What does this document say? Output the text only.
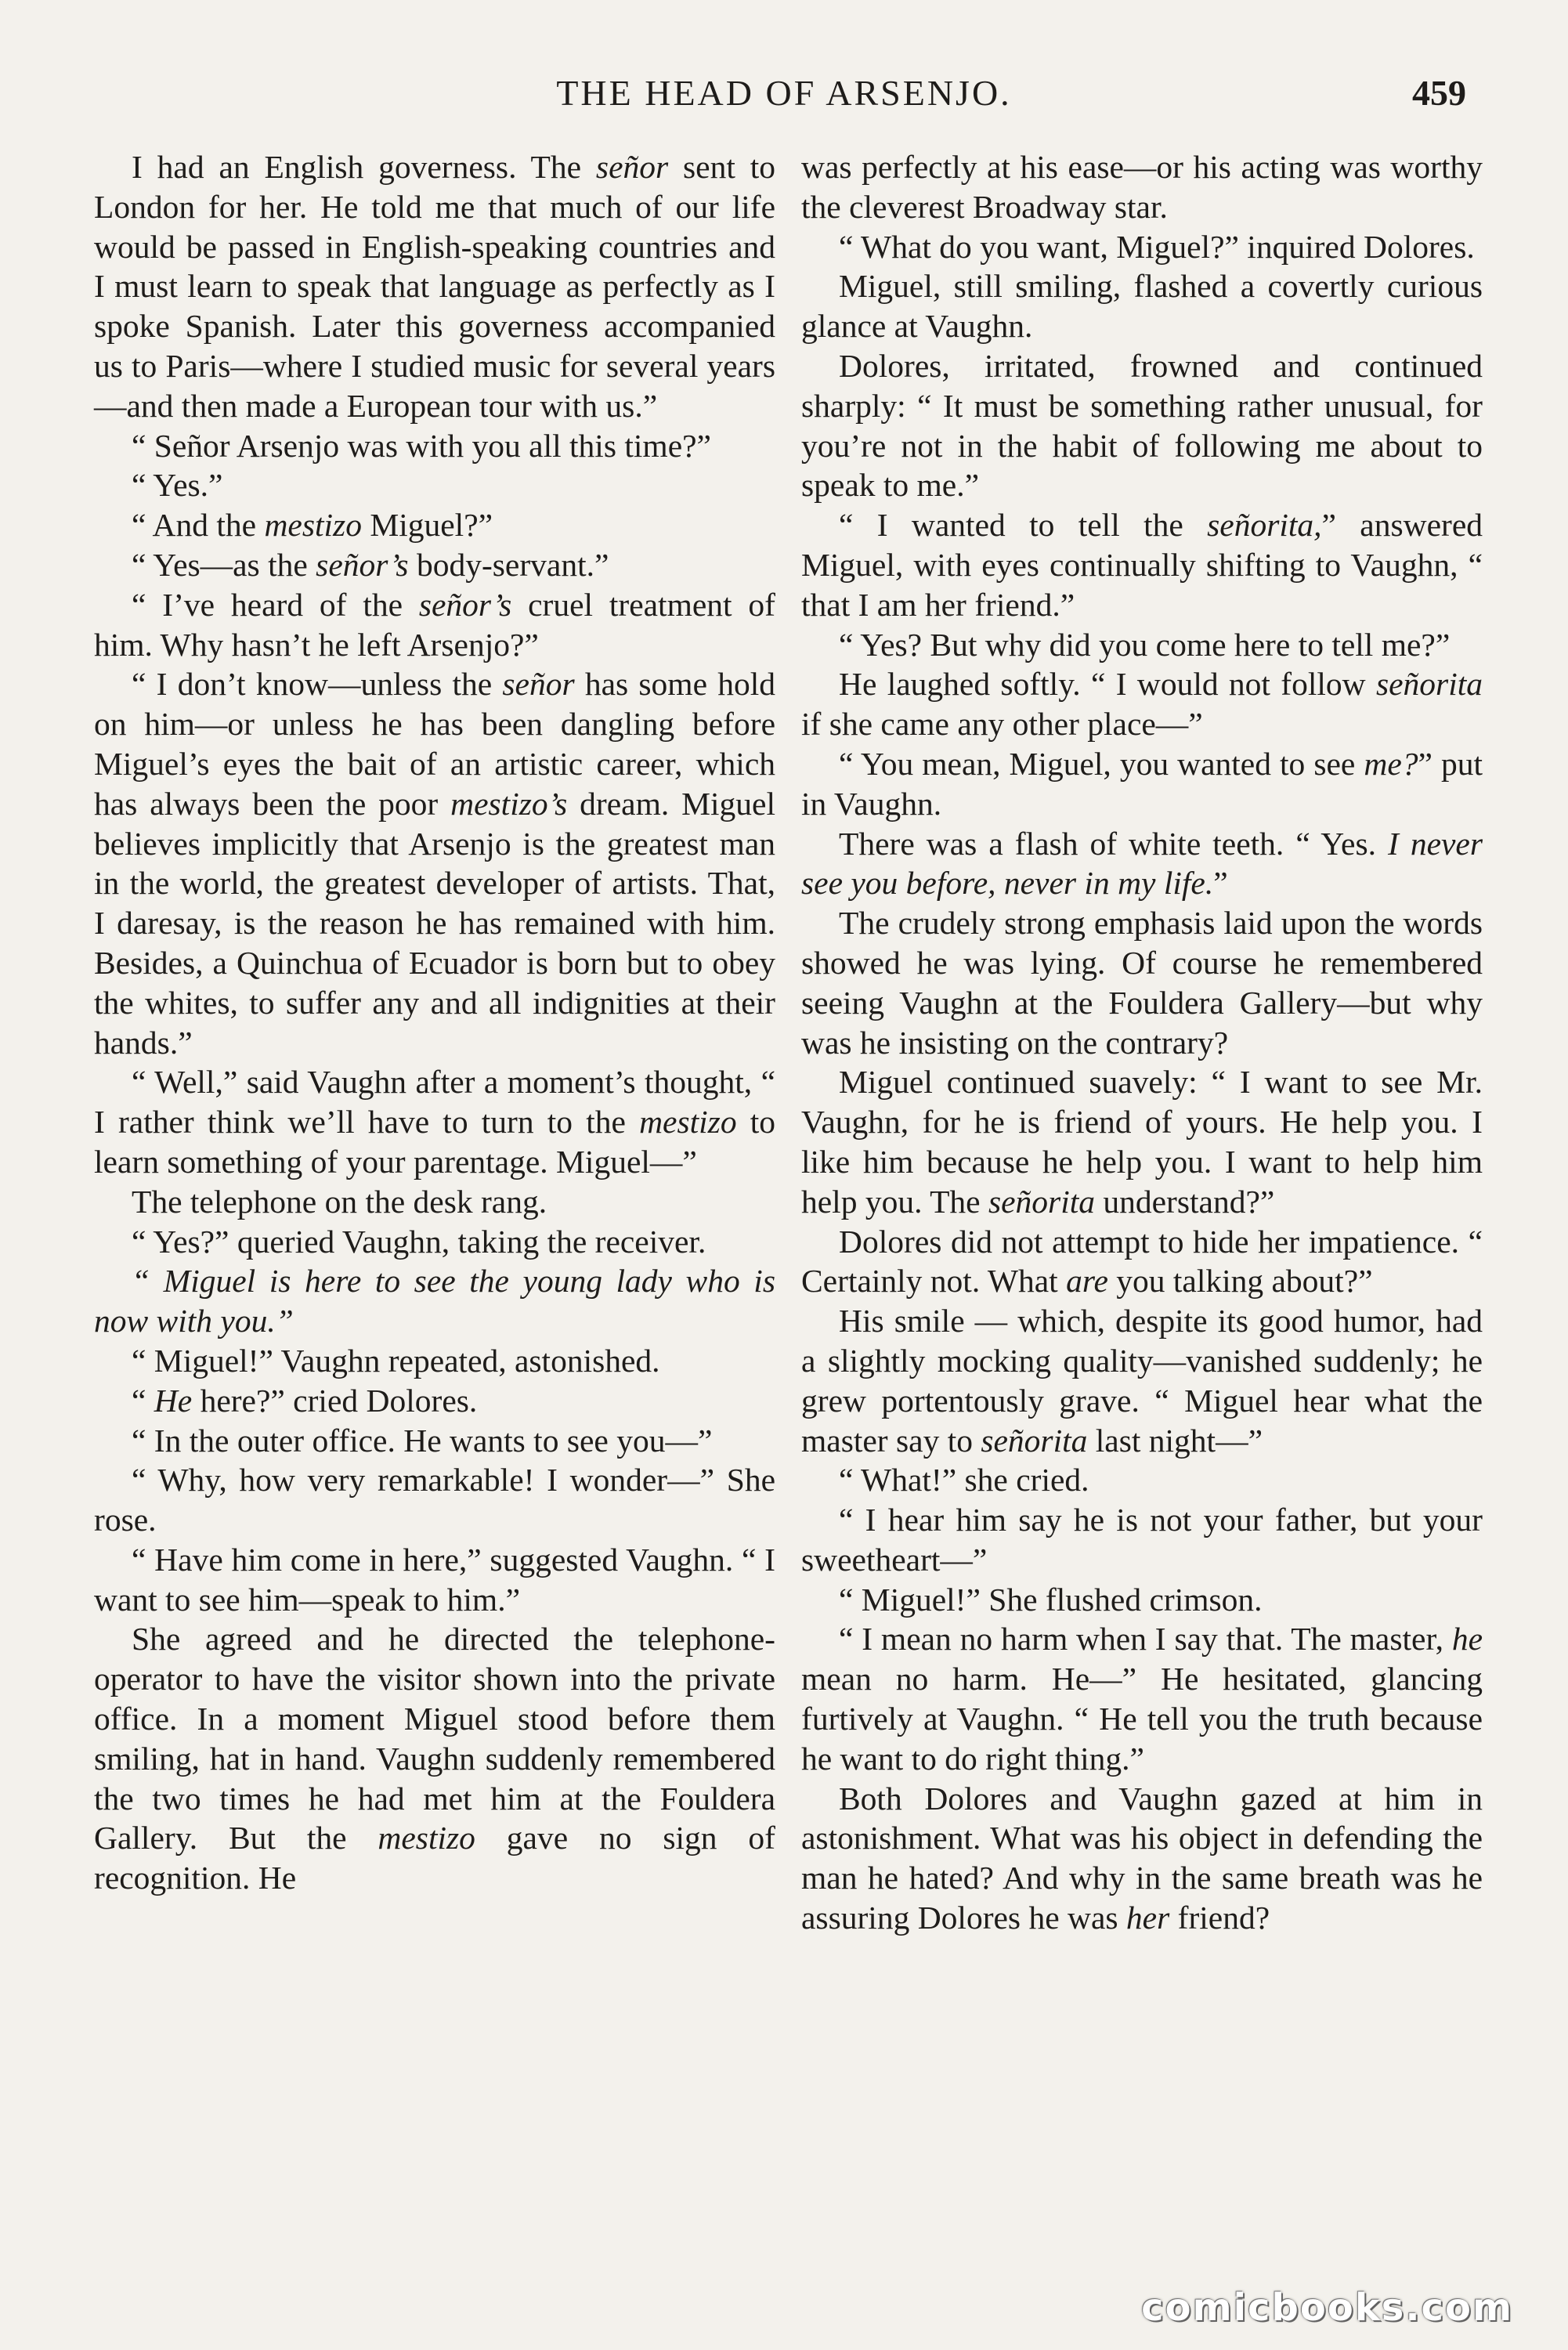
THE HEAD OF ARSENJO.	459

I had an English governess. The señor sent to London for her. He told me that much of our life would be passed in English-speaking countries and I must learn to speak that language as perfectly as I spoke Spanish. Later this governess accompanied us to Paris—where I studied music for several years—and then made a European tour with us.”

“ Señor Arsenjo was with you all this time?”

“ Yes.”

“ And the mestizo Miguel?”

“ Yes—as the señor’s body-servant.”

“ I’ve heard of the señor’s cruel treatment of him. Why hasn’t he left Arsenjo?”

“ I don’t know—unless the señor has some hold on him—or unless he has been dangling before Miguel’s eyes the bait of an artistic career, which has always been the poor mestizo’s dream. Miguel believes implicitly that Arsenjo is the greatest man in the world, the greatest developer of artists. That, I daresay, is the reason he has remained with him. Besides, a Quinchua of Ecuador is born but to obey the whites, to suffer any and all indignities at their hands.”

“ Well,” said Vaughn after a moment’s thought, “ I rather think we’ll have to turn to the mestizo to learn something of your parentage. Miguel—”

The telephone on the desk rang.

“ Yes?” queried Vaughn, taking the receiver.

“ Miguel is here to see the young lady who is now with you.”

“ Miguel!” Vaughn repeated, astonished.

“ He here?” cried Dolores.

“ In the outer office. He wants to see you—”

“ Why, how very remarkable! I wonder—” She rose.

“ Have him come in here,” suggested Vaughn. “ I want to see him—speak to him.”

She agreed and he directed the telephone-operator to have the visitor shown into the private office. In a moment Miguel stood before them smiling, hat in hand. Vaughn suddenly remembered the two times he had met him at the Fouldera Gallery. But the mestizo gave no sign of recognition. He

was perfectly at his ease—or his acting was worthy the cleverest Broadway star.

“ What do you want, Miguel?” inquired Dolores.

Miguel, still smiling, flashed a covertly curious glance at Vaughn.

Dolores, irritated, frowned and continued sharply: “ It must be something rather unusual, for you’re not in the habit of following me about to speak to me.”

“ I wanted to tell the señorita,” answered Miguel, with eyes continually shifting to Vaughn, “ that I am her friend.”

“ Yes? But why did you come here to tell me?”

He laughed softly. “ I would not follow señorita if she came any other place—”

“ You mean, Miguel, you wanted to see me?” put in Vaughn.

There was a flash of white teeth. “ Yes. I never see you before, never in my life.”

The crudely strong emphasis laid upon the words showed he was lying. Of course he remembered seeing Vaughn at the Fouldera Gallery—but why was he insisting on the contrary?

Miguel continued suavely: “ I want to see Mr. Vaughn, for he is friend of yours. He help you. I like him because he help you. I want to help him help you. The señorita understand?”

Dolores did not attempt to hide her impatience. “ Certainly not. What are you talking about?”

His smile — which, despite its good humor, had a slightly mocking quality—vanished suddenly; he grew portentously grave. “ Miguel hear what the master say to señorita last night—”

“ What!” she cried.

“ I hear him say he is not your father, but your sweetheart—”

“ Miguel!” She flushed crimson.

“ I mean no harm when I say that. The master, he mean no harm. He—” He hesitated, glancing furtively at Vaughn. “ He tell you the truth because he want to do right thing.”

Both Dolores and Vaughn gazed at him in astonishment. What was his object in defending the man he hated? And why in the same breath was he assuring Dolores he was her friend?

comicbooks.com
